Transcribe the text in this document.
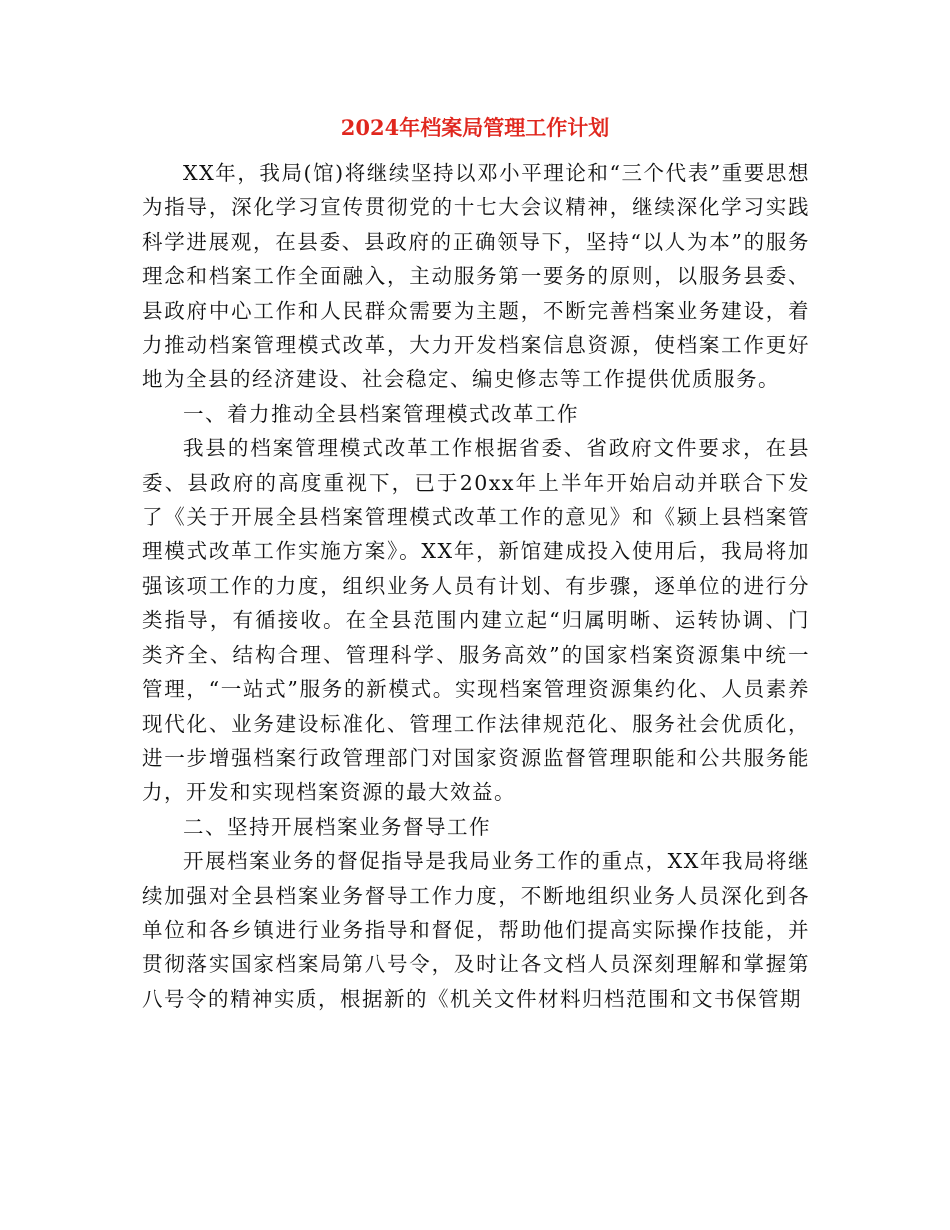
2024年档案局管理工作计划

XX年，我局(馆)将继续坚持以邓小平理论和“三个代表”重要思想为指导，深化学习宣传贯彻党的十七大会议精神，继续深化学习实践科学进展观，在县委、县政府的正确领导下，坚持“以人为本”的服务理念和档案工作全面融入，主动服务第一要务的原则，以服务县委、县政府中心工作和人民群众需要为主题，不断完善档案业务建设，着力推动档案管理模式改革，大力开发档案信息资源，使档案工作更好地为全县的经济建设、社会稳定、编史修志等工作提供优质服务。

一、着力推动全县档案管理模式改革工作

我县的档案管理模式改革工作根据省委、省政府文件要求，在县委、县政府的高度重视下，已于20xx年上半年开始启动并联合下发了《关于开展全县档案管理模式改革工作的意见》和《颍上县档案管理模式改革工作实施方案》。XX年，新馆建成投入使用后，我局将加强该项工作的力度，组织业务人员有计划、有步骤，逐单位的进行分类指导，有循接收。在全县范围内建立起“归属明晰、运转协调、门类齐全、结构合理、管理科学、服务高效”的国家档案资源集中统一管理，“一站式”服务的新模式。实现档案管理资源集约化、人员素养现代化、业务建设标准化、管理工作法律规范化、服务社会优质化，进一步增强档案行政管理部门对国家资源监督管理职能和公共服务能力，开发和实现档案资源的最大效益。

二、坚持开展档案业务督导工作

开展档案业务的督促指导是我局业务工作的重点，XX年我局将继续加强对全县档案业务督导工作力度，不断地组织业务人员深化到各单位和各乡镇进行业务指导和督促，帮助他们提高实际操作技能，并贯彻落实国家档案局第八号令，及时让各文档人员深刻理解和掌握第八号令的精神实质，根据新的《机关文件材料归档范围和文书保管期
